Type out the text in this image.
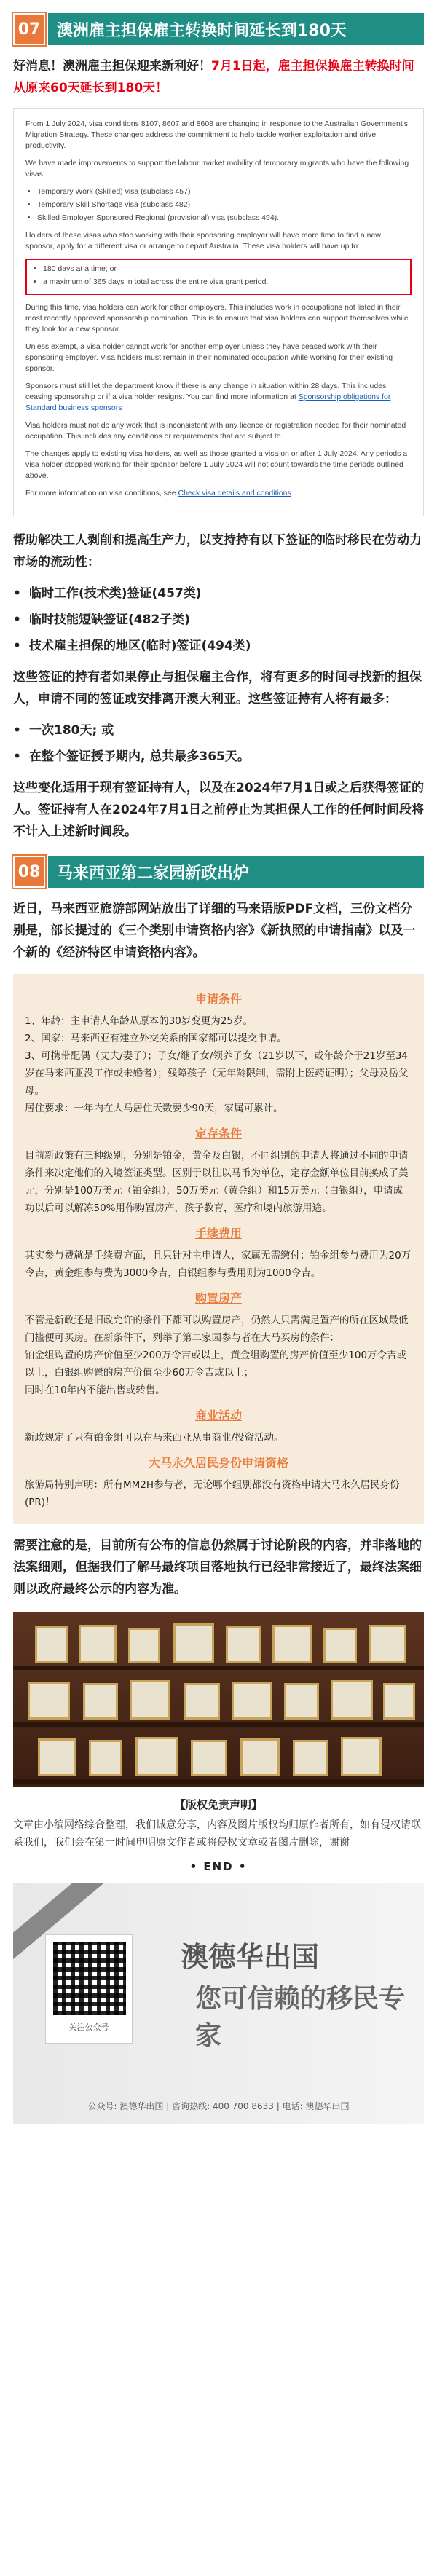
07	澳洲雇主担保雇主转换时间延长到180天

好消息！澳洲雇主担保迎来新利好！7月1日起，雇主担保换雇主转换时间从原来60天延长到180天！

From 1 July 2024, visa conditions 8107, 8607 and 8608 are changing in response to the Australian Government's Migration Strategy. These changes address the commitment to help tackle worker exploitation and drive productivity.

We have made improvements to support the labour market mobility of temporary migrants who have the following visas:

• Temporary Work (Skilled) visa (subclass 457)
• Temporary Skill Shortage visa (subclass 482)
• Skilled Employer Sponsored Regional (provisional) visa (subclass 494).

Holders of these visas who stop working with their sponsoring employer will have more time to find a new sponsor, apply for a different visa or arrange to depart Australia. These visa holders will have up to:

• 180 days at a time; or
• a maximum of 365 days in total across the entire visa grant period.

During this time, visa holders can work for other employers. This includes work in occupations not listed in their most recently approved sponsorship nomination. This is to ensure that visa holders can support themselves while they look for a new sponsor.

Unless exempt, a visa holder cannot work for another employer unless they have ceased work with their sponsoring employer. Visa holders must remain in their nominated occupation while working for their existing sponsor.

Sponsors must still let the department know if there is any change in situation within 28 days. This includes ceasing sponsorship or if a visa holder resigns. You can find more information at Sponsorship obligations for Standard business sponsors

Visa holders must not do any work that is inconsistent with any licence or registration needed for their nominated occupation. This includes any conditions or requirements that are subject to.

The changes apply to existing visa holders, as well as those granted a visa on or after 1 July 2024. Any periods a visa holder stopped working for their sponsor before 1 July 2024 will not count towards the time periods outlined above.

For more information on visa conditions, see Check visa details and conditions

帮助解决工人剥削和提高生产力，以支持持有以下签证的临时移民在劳动力市场的流动性：

• 临时工作(技术类)签证(457类)
• 临时技能短缺签证(482子类)
• 技术雇主担保的地区(临时)签证(494类)

这些签证的持有者如果停止与担保雇主合作，将有更多的时间寻找新的担保人，申请不同的签证或安排离开澳大利亚。这些签证持有人将有最多：

• 一次180天; 或
• 在整个签证授予期内, 总共最多365天。

这些变化适用于现有签证持有人，以及在2024年7月1日或之后获得签证的人。签证持有人在2024年7月1日之前停止为其担保人工作的任何时间段将不计入上述新时间段。

08	马来西亚第二家园新政出炉

近日，马来西亚旅游部网站放出了详细的马来语版PDF文档，三份文档分别是，部长提过的《三个类别申请资格内容》《新执照的申请指南》以及一个新的《经济特区申请资格内容》。

申请条件

1、年龄：主申请人年龄从原本的30岁变更为25岁。

2、国家：马来西亚有建立外交关系的国家都可以提交申请。

3、可携带配偶（丈夫/妻子）；子女/继子女/领养子女（21岁以下，或年龄介于21岁至34岁在马来西亚没工作或未婚者）；残障孩子（无年龄限制，需附上医药证明）；父母及岳父母。

居住要求：一年内在大马居住天数要少90天，家属可累计。

定存条件

目前新政策有三种级别，分别是铂金，黄金及白银，不同组别的申请人将通过不同的申请条件来决定他们的入境签证类型。区别于以往以马币为单位，定存金额单位目前换成了美元，分别是100万美元（铂金组），50万美元（黄金组）和15万美元（白银组），申请成功以后可以解冻50%用作购置房产，孩子教育，医疗和境内旅游用途。

手续费用

其实参与费就是手续费方面，且只针对主申请人，家属无需缴付；铂金组参与费用为20万令吉，黄金组参与费为3000令吉，白银组参与费用则为1000令吉。

购置房产

不管是新政还是旧政允许的条件下都可以购置房产，仍然人只需满足置产的所在区域最低门槛便可买房。在新条件下，列举了第二家园参与者在大马买房的条件：

铂金组购置的房产价值至少200万令吉或以上，黄金组购置的房产价值至少100万令吉或以上，白银组购置的房产价值至少60万令吉或以上；

同时在10年内不能出售或转售。

商业活动

新政规定了只有铂金组可以在马来西亚从事商业/投资活动。

大马永久居民身份申请资格

旅游局特别声明：所有MM2H参与者，无论哪个组别都没有资格申请大马永久居民身份(PR)！

需要注意的是，目前所有公布的信息仍然属于讨论阶段的内容，并非落地的法案细则，但据我们了解马最终项目落地执行已经非常接近了，最终法案细则以政府最终公示的内容为准。

【版权免责声明】

文章由小编网络综合整理，我们诚意分享，内容及图片版权均归原作者所有，如有侵权请联系我们，我们会在第一时间申明原文作者或将侵权文章或者图片删除，谢谢

• END •
关注公众号
澳德华出国
您可信赖的移民专家
公众号: 澳德华出国 | 咨询热线: 400 700 8633 | 电话: 澳德华出国
